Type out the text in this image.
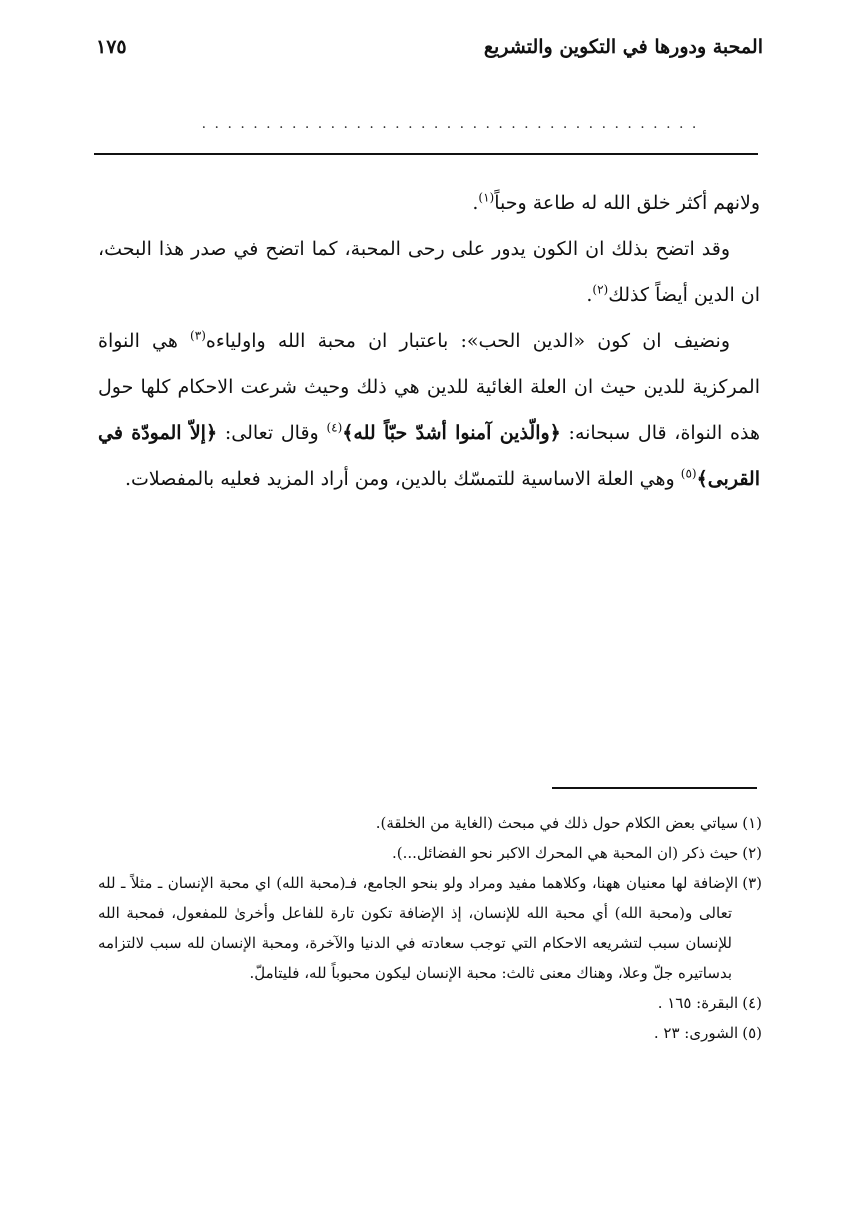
المحبة ودورها في التكوين والتشريع
١٧٥
. . . . . . . . . . . . . . . . . . . . . . . . . . . . . . . . . . . . . . .

ولانهم أكثر خلق الله له طاعة وحباً$^{(١)}$.

وقد اتضح بذلك ان الكون يدور على رحى المحبة، كما اتضح في صدر هذا البحث، ان الدين أيضاً كذلك$^{(٢)}$.

ونضيف ان كون «الدين الحب»: باعتبار ان محبة الله واولياءه$^{(٣)}$ هي النواة المركزية للدين حيث ان العلة الغائية للدين هي ذلك وحيث شرعت الاحكام كلها حول هذه النواة، قال سبحانه: ﴿والّذين آمنوا أشدّ حبّاً لله﴾$^{(٤)}$ وقال تعالى: ﴿إلاّ المودّة في القربى﴾$^{(٥)}$ وهي العلة الاساسية للتمسّك بالدين، ومن أراد المزيد فعليه بالمفصلات.

(١)سياتي بعض الكلام حول ذلك في مبحث (الغاية من الخلقة).

(٢)حيث ذكر (ان المحبة هي المحرك الاكبر نحو الفضائل...).

(٣)الإضافة لها معنيان ههنا، وكلاهما مفيد ومراد ولو بنحو الجامع، فـ(محبة الله) اي محبة الإنسان ـ مثلاً ـ لله تعالى و(محبة الله) أي محبة الله للإنسان، إذ الإضافة تكون تارة للفاعل وأخرىٰ للمفعول، فمحبة الله للإنسان سبب لتشريعه الاحكام التي توجب سعادته في الدنيا والآخرة، ومحبة الإنسان لله سبب لالتزامه بدساتيره جلّ وعلا، وهناك معنى ثالث: محبة الإنسان ليكون محبوباً لله، فليتاملّ.

(٤)البقرة: ١٦٥ .

(٥)الشورى: ٢٣ .
